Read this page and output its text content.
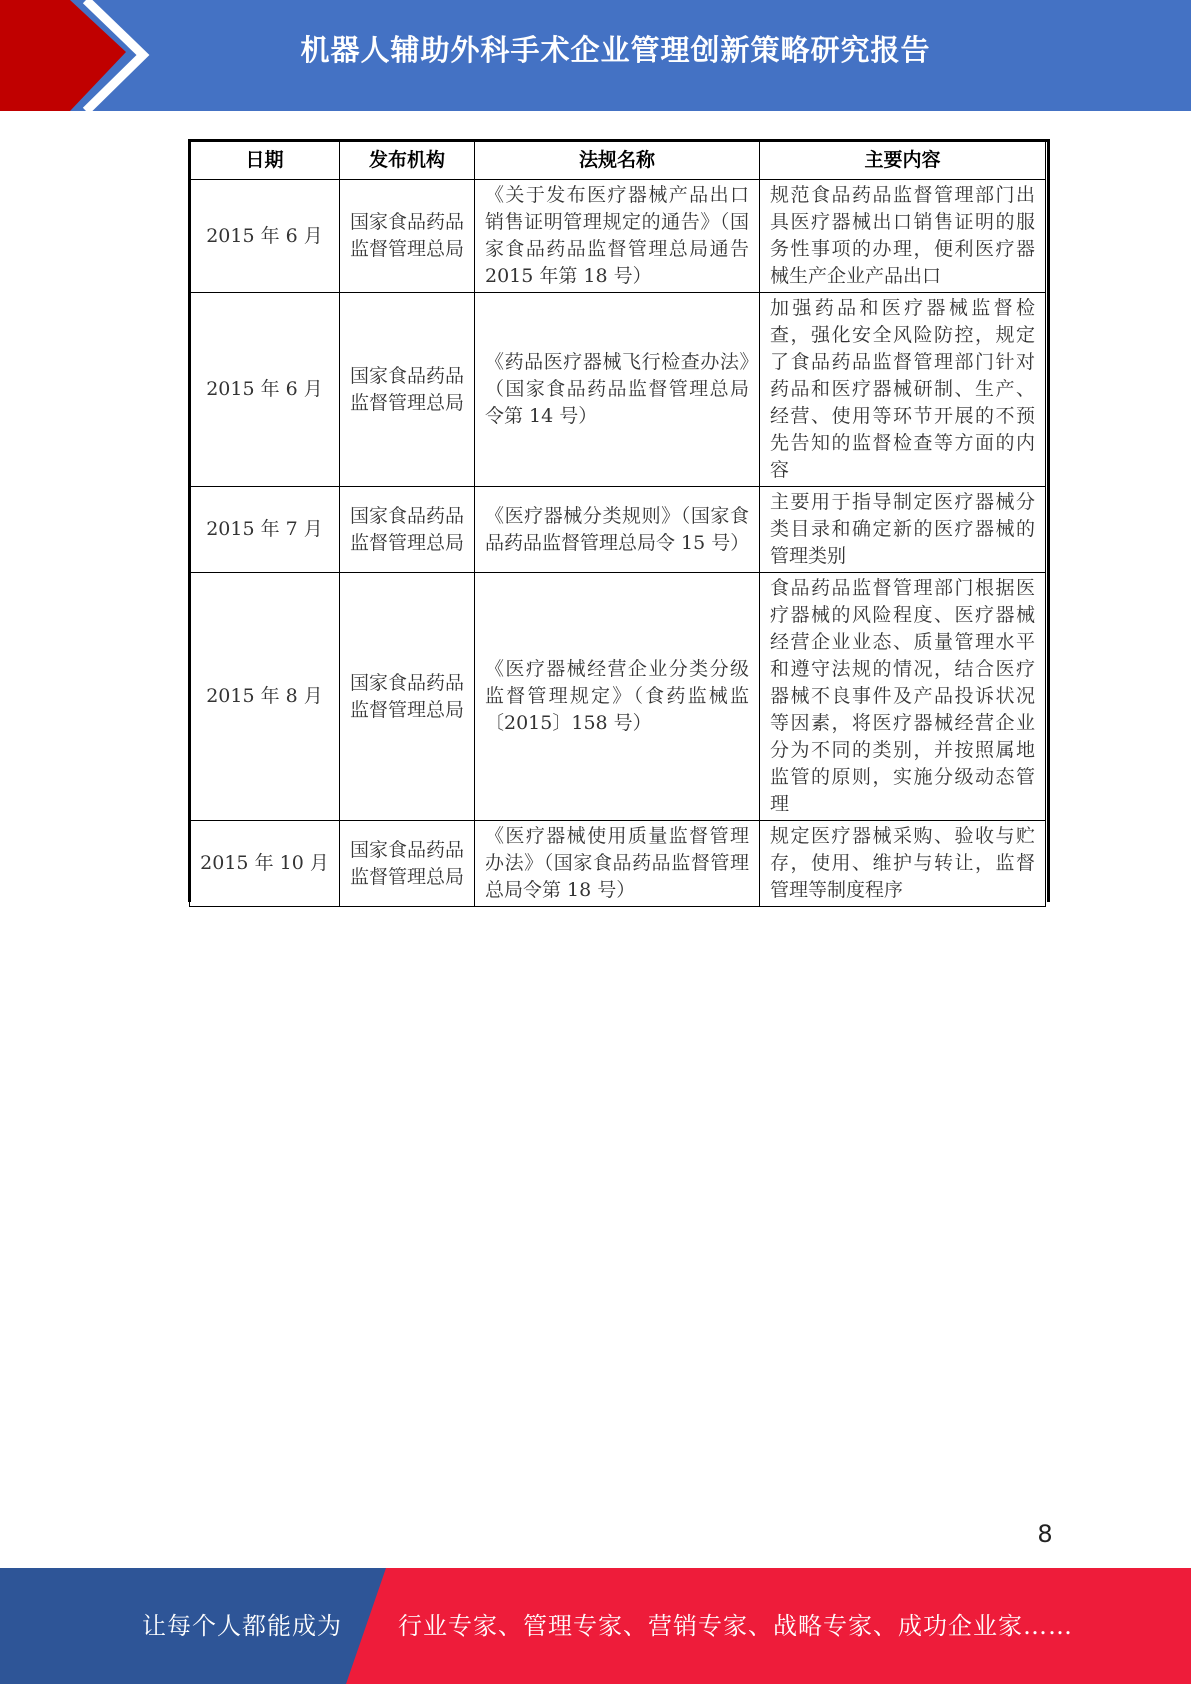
机器人辅助外科手术企业管理创新策略研究报告
日期	发布机构	法规名称	主要内容
2015 年 6 月	国家食品药品监督管理总局	《关于发布医疗器械产品出口销售证明管理规定的通告》（国家食品药品监督管理总局通告 2015 年第 18 号）	规范食品药品监督管理部门出具医疗器械出口销售证明的服务性事项的办理，便利医疗器械生产企业产品出口
2015 年 6 月	国家食品药品监督管理总局	《药品医疗器械飞行检查办法》（国家食品药品监督管理总局令第 14 号）	加强药品和医疗器械监督检查，强化安全风险防控，规定了食品药品监督管理部门针对药品和医疗器械研制、生产、经营、使用等环节开展的不预先告知的监督检查等方面的内容
2015 年 7 月	国家食品药品监督管理总局	《医疗器械分类规则》（国家食品药品监督管理总局令 15 号）	主要用于指导制定医疗器械分类目录和确定新的医疗器械的管理类别
2015 年 8 月	国家食品药品监督管理总局	《医疗器械经营企业分类分级监督管理规定》（食药监械监〔2015〕158 号）	食品药品监督管理部门根据医疗器械的风险程度、医疗器械经营企业业态、质量管理水平和遵守法规的情况，结合医疗器械不良事件及产品投诉状况等因素，将医疗器械经营企业分为不同的类别，并按照属地监管的原则，实施分级动态管理
2015 年 10 月	国家食品药品监督管理总局	《医疗器械使用质量监督管理办法》（国家食品药品监督管理总局令第 18 号）	规定医疗器械采购、验收与贮存，使用、维护与转让，监督管理等制度程序
8
让每个人都能成为 行业专家、管理专家、营销专家、战略专家、成功企业家……
